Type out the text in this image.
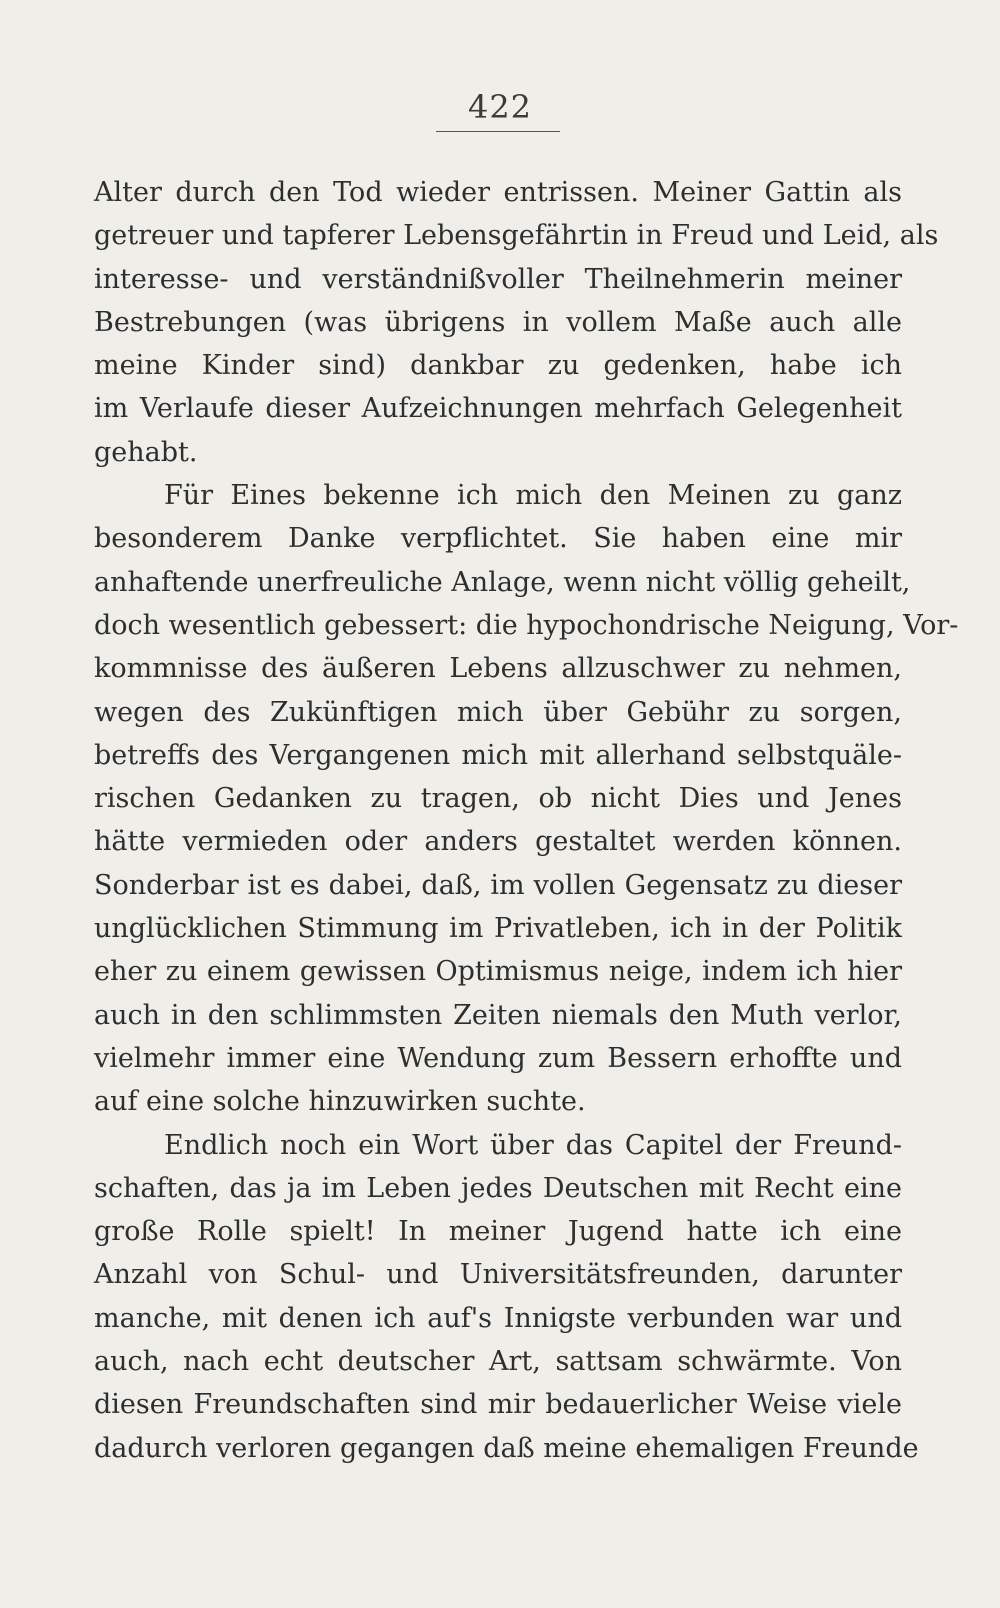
422
Alter durch den Tod wieder entrissen. Meiner Gattin als
getreuer und tapferer Lebensgefährtin in Freud und Leid, als
interesse- und verständnißvoller Theilnehmerin meiner
Bestrebungen (was übrigens in vollem Maße auch alle
meine Kinder sind) dankbar zu gedenken, habe ich
im Verlaufe dieser Aufzeichnungen mehrfach Gelegenheit
gehabt.
Für Eines bekenne ich mich den Meinen zu ganz
besonderem Danke verpflichtet. Sie haben eine mir
anhaftende unerfreuliche Anlage, wenn nicht völlig geheilt,
doch wesentlich gebessert: die hypochondrische Neigung, Vor-
kommnisse des äußeren Lebens allzuschwer zu nehmen,
wegen des Zukünftigen mich über Gebühr zu sorgen,
betreffs des Vergangenen mich mit allerhand selbstquäle-
rischen Gedanken zu tragen, ob nicht Dies und Jenes
hätte vermieden oder anders gestaltet werden können.
Sonderbar ist es dabei, daß, im vollen Gegensatz zu dieser
unglücklichen Stimmung im Privatleben, ich in der Politik
eher zu einem gewissen Optimismus neige, indem ich hier
auch in den schlimmsten Zeiten niemals den Muth verlor,
vielmehr immer eine Wendung zum Bessern erhoffte und
auf eine solche hinzuwirken suchte.
Endlich noch ein Wort über das Capitel der Freund-
schaften, das ja im Leben jedes Deutschen mit Recht eine
große Rolle spielt! In meiner Jugend hatte ich eine
Anzahl von Schul- und Universitätsfreunden, darunter
manche, mit denen ich auf's Innigste verbunden war und
auch, nach echt deutscher Art, sattsam schwärmte. Von
diesen Freundschaften sind mir bedauerlicher Weise viele
dadurch verloren gegangen daß meine ehemaligen Freunde
